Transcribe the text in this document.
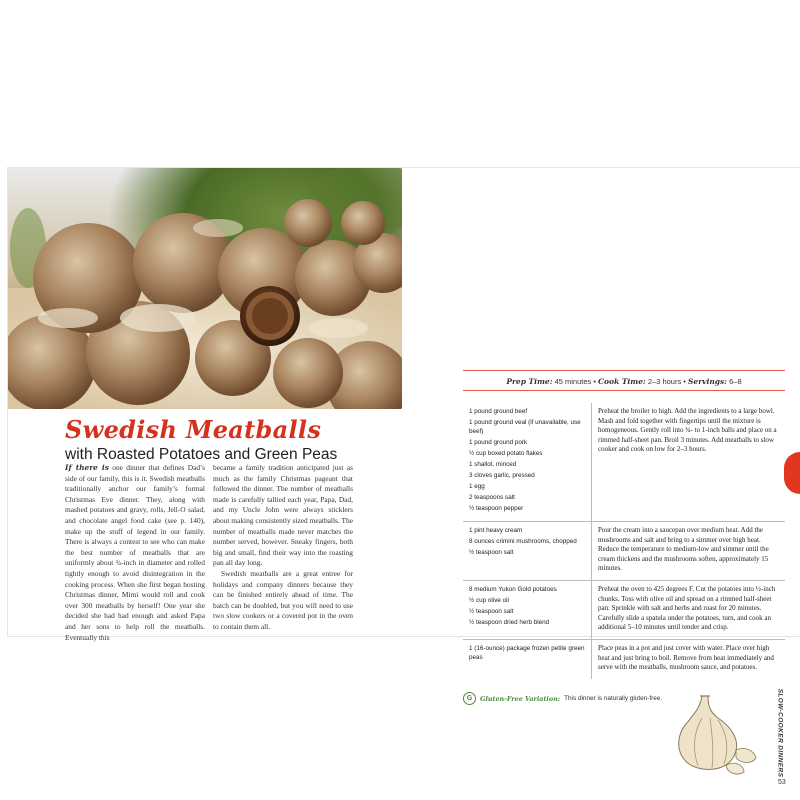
Swedish Meatballs
with Roasted Potatoes and Green Peas
If there is one dinner that defines Dad’s side of our family, this is it. Swedish meatballs traditionally anchor our family’s formal Christmas Eve dinner. They, along with mashed potatoes and gravy, rolls, Jell-O salad, and chocolate angel food cake (see p. 140), make up the stuff of legend in our family. There is always a contest to see who can make the best number of meatballs that are uniformly about ¾-inch in diameter and rolled tightly enough to avoid disintegration in the cooking process. When she first began hosting Christmas dinner, Mimi would roll and cook over 300 meatballs by herself! One year she decided she had had enough and asked Papa and her sons to help roll the meatballs. Eventually this
became a family tradition anticipated just as much as the family Christmas pageant that followed the dinner. The number of meatballs made is carefully tallied each year, Papa, Dad, and my Uncle John were always sticklers about making consistently sized meatballs. The number of meatballs made never matches the number served, however. Sneaky fingers, both big and small, find their way into the roasting pan all day long.
Swedish meatballs are a great entree for holidays and company dinners because they can be finished entirely ahead of time. The batch can be doubled, but you will need to use two slow cookers or a covered pot in the oven to contain them all.
Prep Time: 45 minutes • Cook Time: 2–3 hours • Servings: 6–8
1 pound ground beef
1 pound ground veal (if unavailable, use beef)
1 pound ground pork
½ cup boxed potato flakes
1 shallot, minced
3 cloves garlic, pressed
1 egg
2 teaspoons salt
½ teaspoon pepper
Preheat the broiler to high. Add the ingredients to a large bowl. Mash and fold together with fingertips until the mixture is homogeneous. Gently roll into ¾- to 1-inch balls and place on a rimmed half-sheet pan. Broil 3 minutes. Add meatballs to slow cooker and cook on low for 2–3 hours.
1 pint heavy cream
8 ounces crimini mushrooms, chopped
½ teaspoon salt
Pour the cream into a saucepan over medium heat. Add the mushrooms and salt and bring to a simmer over high heat. Reduce the temperature to medium-low and simmer until the cream thickens and the mushrooms soften, approximately 15 minutes.
8 medium Yukon Gold potatoes
½ cup olive oil
½ teaspoon salt
½ teaspoon dried herb blend
Preheat the oven to 425 degrees F. Cut the potatoes into ½-inch chunks. Toss with olive oil and spread on a rimmed half-sheet pan. Sprinkle with salt and herbs and roast for 20 minutes. Carefully slide a spatula under the potatoes, turn, and cook an additional 5–10 minutes until tender and crisp.
1 (16-ounce) package frozen petite green peas
Place peas in a pot and just cover with water. Place over high heat and just bring to boil. Remove from heat immediately and serve with the meatballs, mushroom sauce, and potatoes.
G	Gluten-Free Variation: This dinner is naturally gluten-free.	SLOW-COOKER DINNERS
53
